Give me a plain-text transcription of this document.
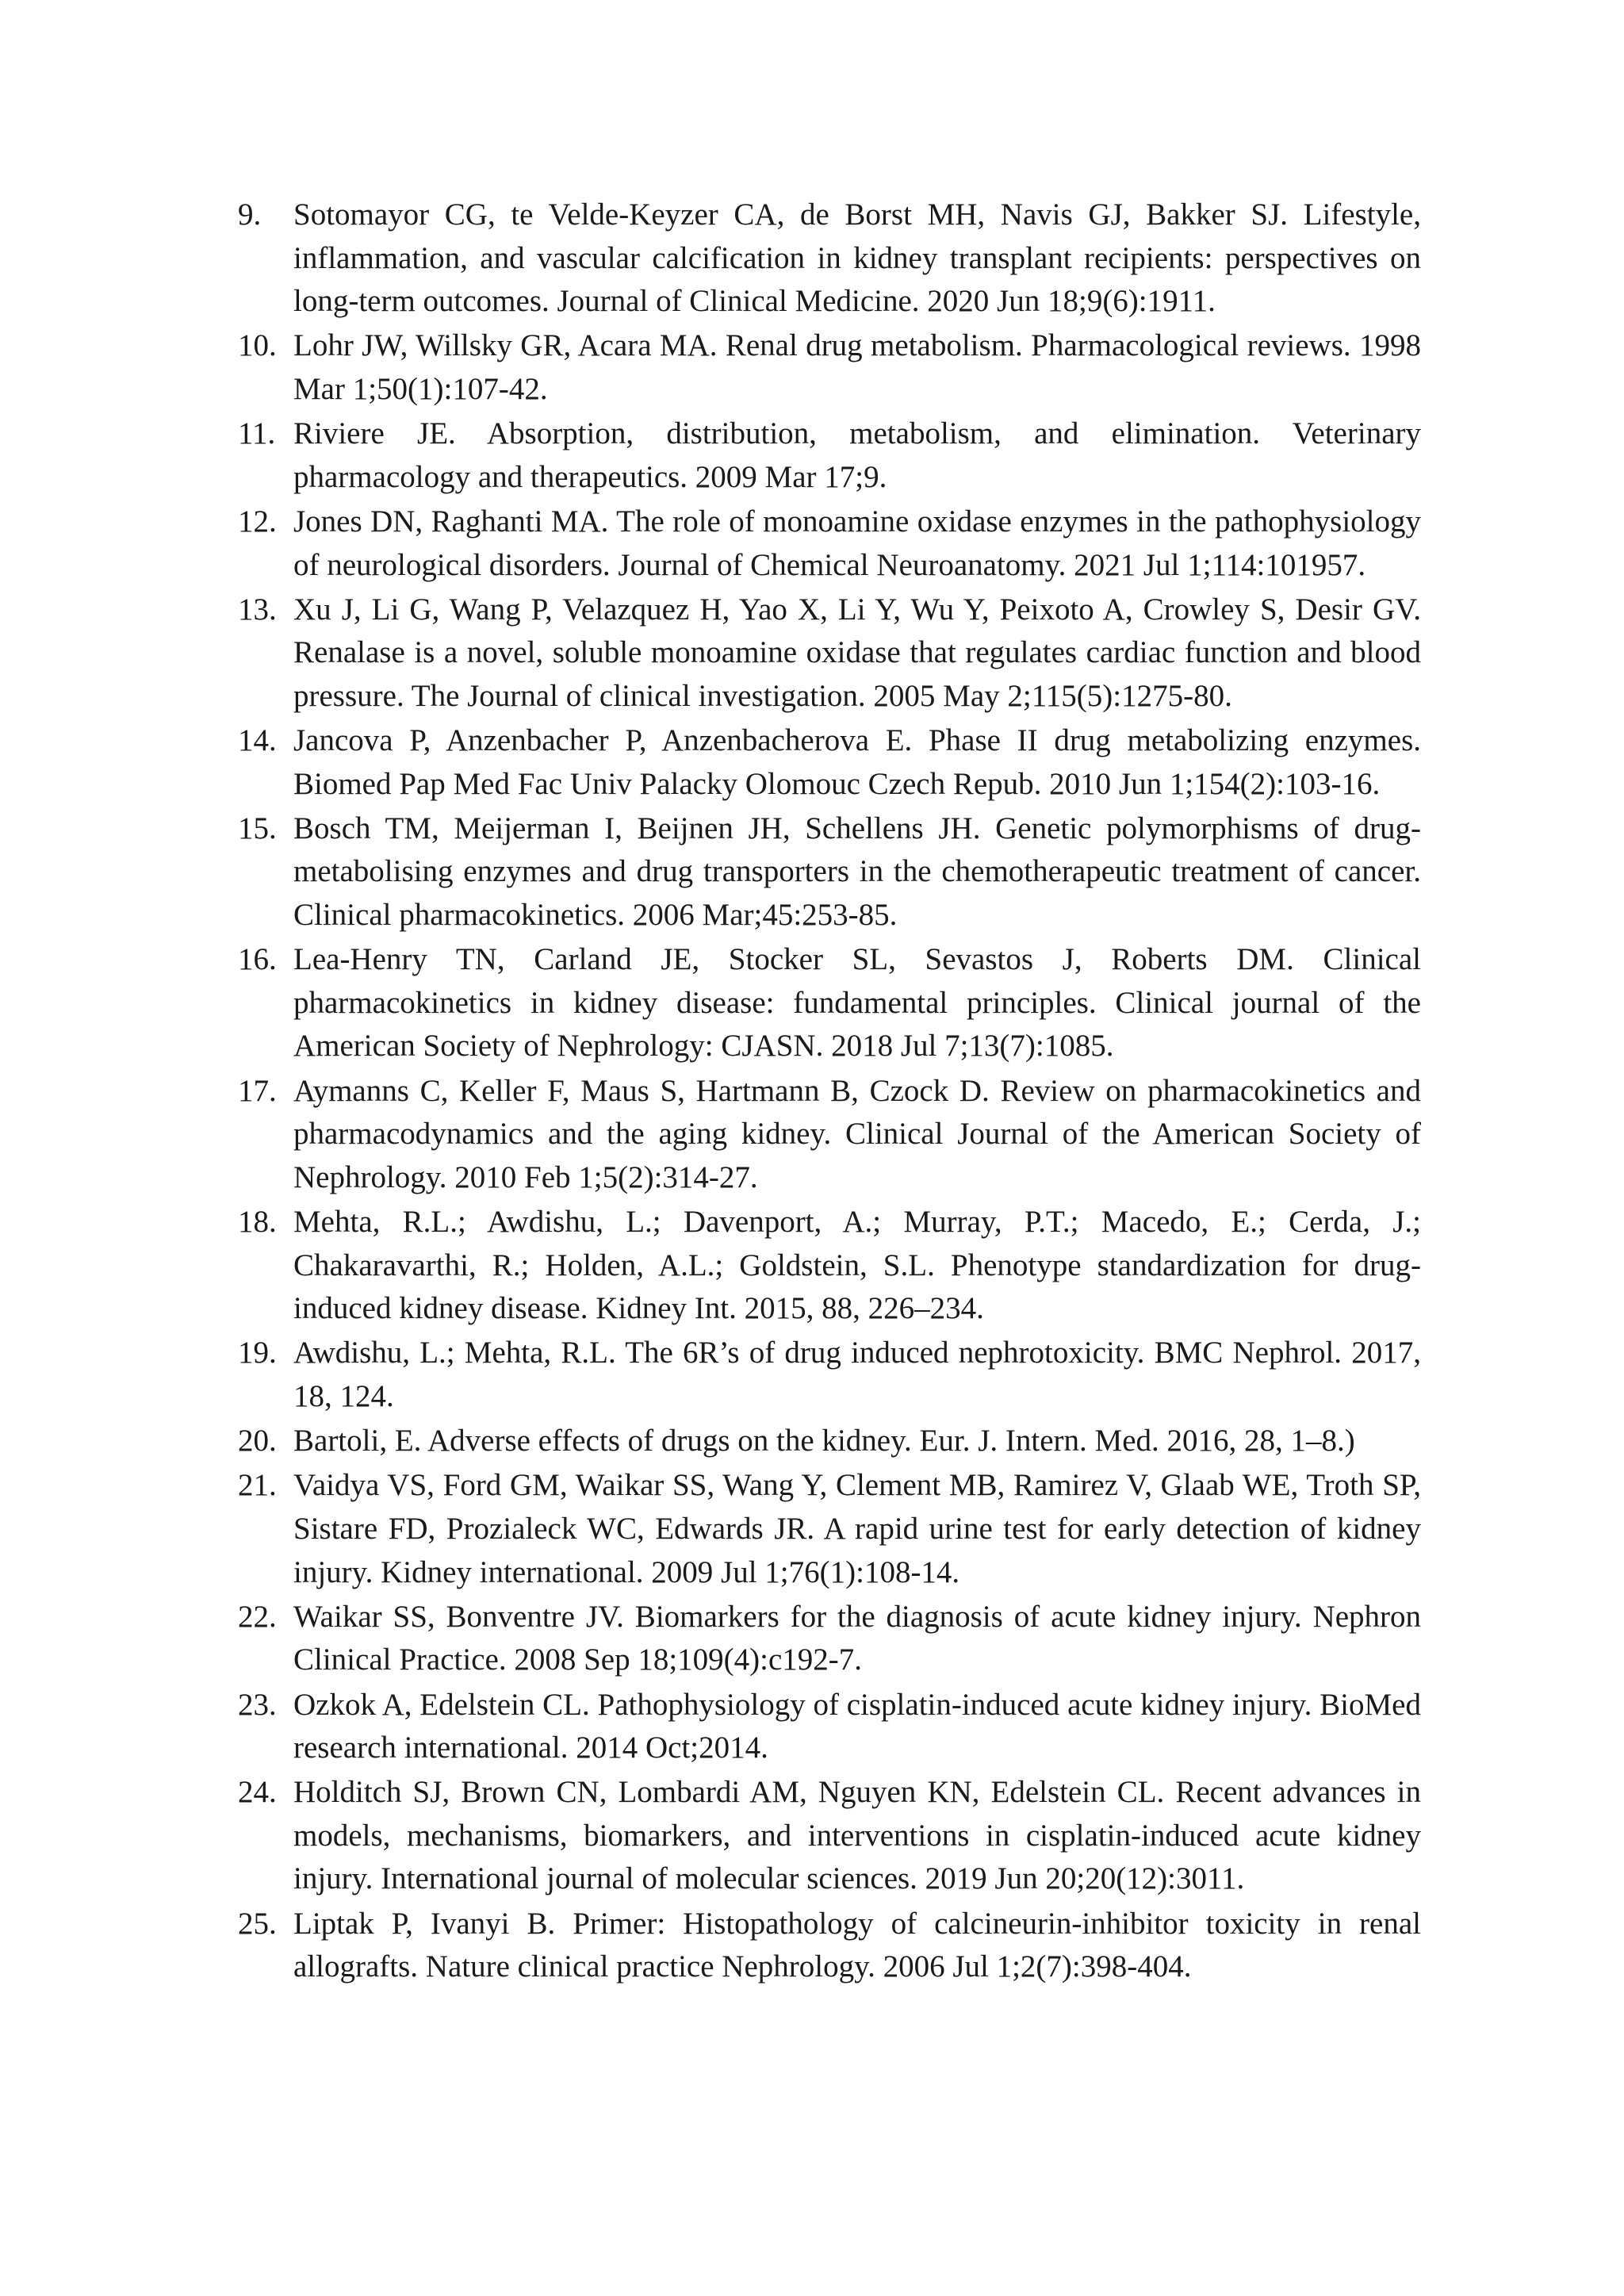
9.	Sotomayor CG, te Velde-Keyzer CA, de Borst MH, Navis GJ, Bakker SJ. Lifestyle, inflammation, and vascular calcification in kidney transplant recipients: perspectives on long-term outcomes. Journal of Clinical Medicine. 2020 Jun 18;9(6):1911.
10. Lohr JW, Willsky GR, Acara MA. Renal drug metabolism. Pharmacological reviews. 1998 Mar 1;50(1):107-42.
11. Riviere JE. Absorption, distribution, metabolism, and elimination. Veterinary pharmacology and therapeutics. 2009 Mar 17;9.
12. Jones DN, Raghanti MA. The role of monoamine oxidase enzymes in the pathophysiology of neurological disorders. Journal of Chemical Neuroanatomy. 2021 Jul 1;114:101957.
13. Xu J, Li G, Wang P, Velazquez H, Yao X, Li Y, Wu Y, Peixoto A, Crowley S, Desir GV. Renalase is a novel, soluble monoamine oxidase that regulates cardiac function and blood pressure. The Journal of clinical investigation. 2005 May 2;115(5):1275-80.
14. Jancova P, Anzenbacher P, Anzenbacherova E. Phase II drug metabolizing enzymes. Biomed Pap Med Fac Univ Palacky Olomouc Czech Repub. 2010 Jun 1;154(2):103-16.
15. Bosch TM, Meijerman I, Beijnen JH, Schellens JH. Genetic polymorphisms of drug-metabolising enzymes and drug transporters in the chemotherapeutic treatment of cancer. Clinical pharmacokinetics. 2006 Mar;45:253-85.
16. Lea-Henry TN, Carland JE, Stocker SL, Sevastos J, Roberts DM. Clinical pharmacokinetics in kidney disease: fundamental principles. Clinical journal of the American Society of Nephrology: CJASN. 2018 Jul 7;13(7):1085.
17. Aymanns C, Keller F, Maus S, Hartmann B, Czock D. Review on pharmacokinetics and pharmacodynamics and the aging kidney. Clinical Journal of the American Society of Nephrology. 2010 Feb 1;5(2):314-27.
18. Mehta, R.L.; Awdishu, L.; Davenport, A.; Murray, P.T.; Macedo, E.; Cerda, J.; Chakaravarthi, R.; Holden, A.L.; Goldstein, S.L. Phenotype standardization for drug-induced kidney disease. Kidney Int. 2015, 88, 226–234.
19. Awdishu, L.; Mehta, R.L. The 6R’s of drug induced nephrotoxicity. BMC Nephrol. 2017, 18, 124.
20. Bartoli, E. Adverse effects of drugs on the kidney. Eur. J. Intern. Med. 2016, 28, 1–8.)
21. Vaidya VS, Ford GM, Waikar SS, Wang Y, Clement MB, Ramirez V, Glaab WE, Troth SP, Sistare FD, Prozialeck WC, Edwards JR. A rapid urine test for early detection of kidney injury. Kidney international. 2009 Jul 1;76(1):108-14.
22. Waikar SS, Bonventre JV. Biomarkers for the diagnosis of acute kidney injury. Nephron Clinical Practice. 2008 Sep 18;109(4):c192-7.
23. Ozkok A, Edelstein CL. Pathophysiology of cisplatin-induced acute kidney injury. BioMed research international. 2014 Oct;2014.
24. Holditch SJ, Brown CN, Lombardi AM, Nguyen KN, Edelstein CL. Recent advances in models, mechanisms, biomarkers, and interventions in cisplatin-induced acute kidney injury. International journal of molecular sciences. 2019 Jun 20;20(12):3011.
25. Liptak P, Ivanyi B. Primer: Histopathology of calcineurin-inhibitor toxicity in renal allografts. Nature clinical practice Nephrology. 2006 Jul 1;2(7):398-404.
